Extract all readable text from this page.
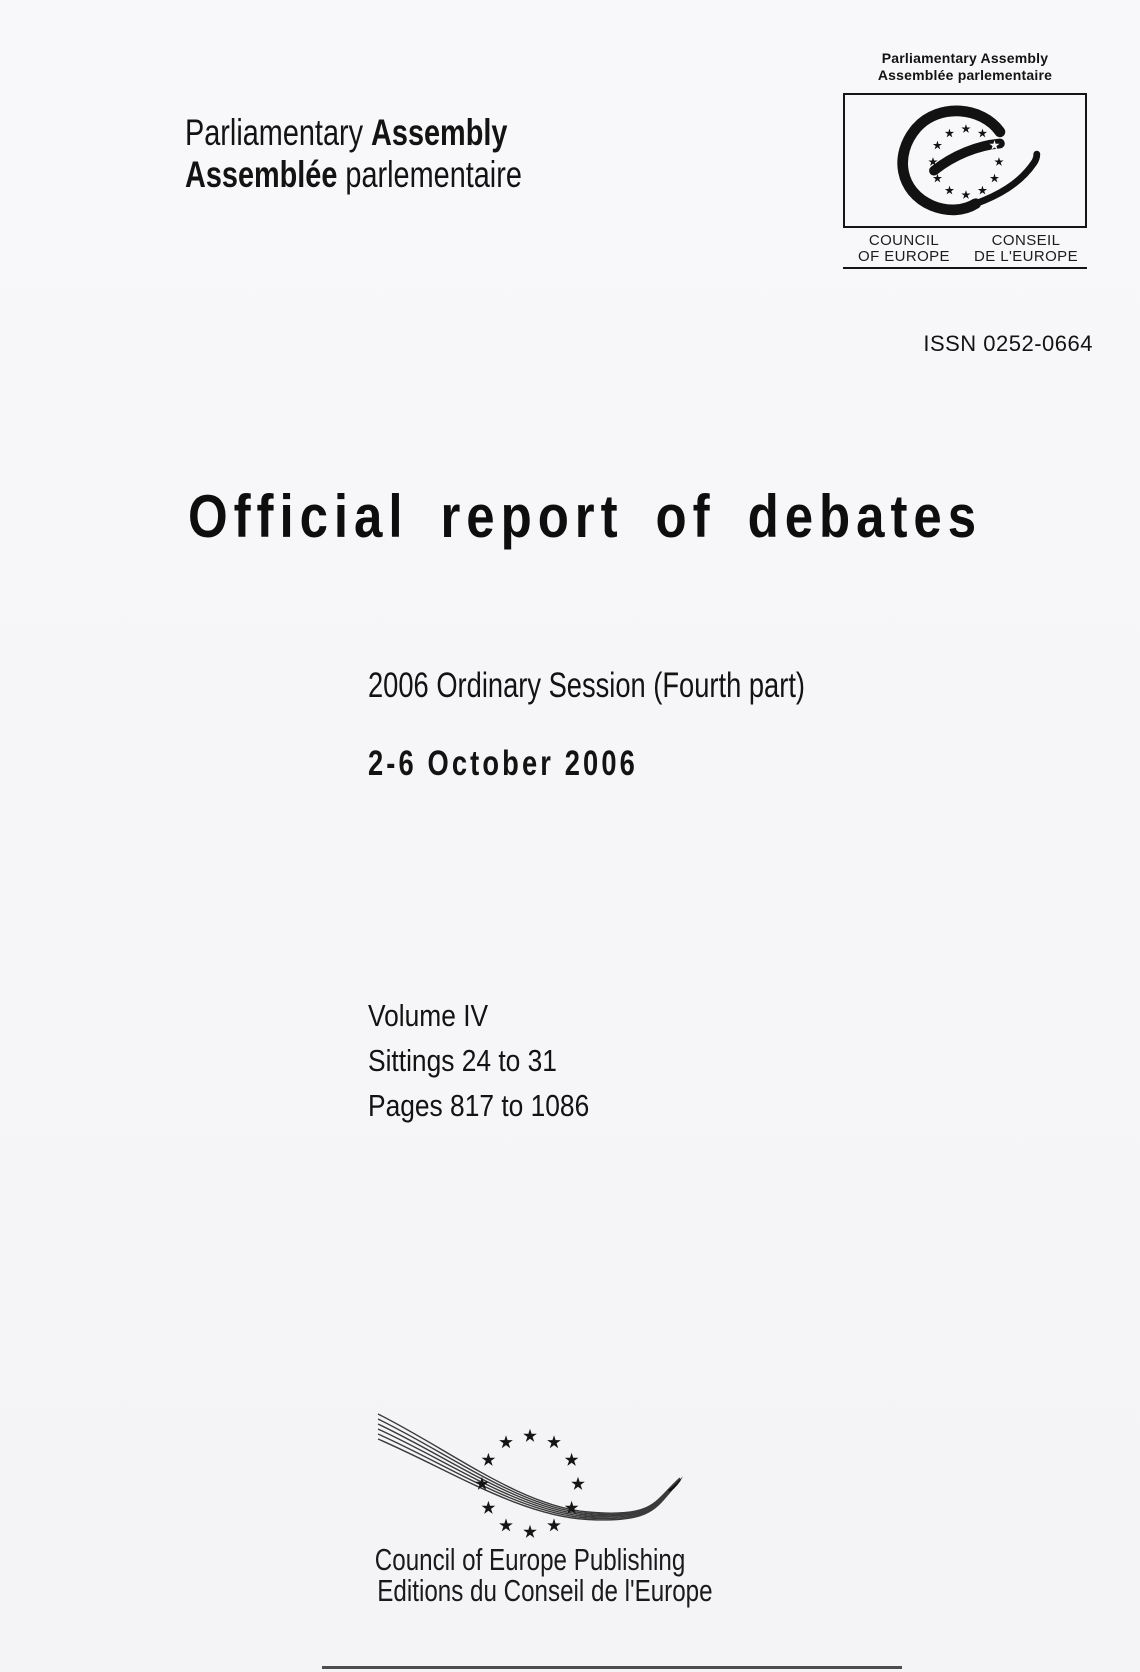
Parliamentary Assembly
Assemblée parlementaire
Parliamentary Assembly
Assemblée parlementaire
COUNCIL
OF EUROPE
CONSEIL
DE L'EUROPE
ISSN 0252-0664
Official report of debates
2006 Ordinary Session (Fourth part)
2-6 October 2006
Volume IV
Sittings 24 to 31
Pages 817 to 1086
Council of Europe Publishing
Editions du Conseil de l'Europe
